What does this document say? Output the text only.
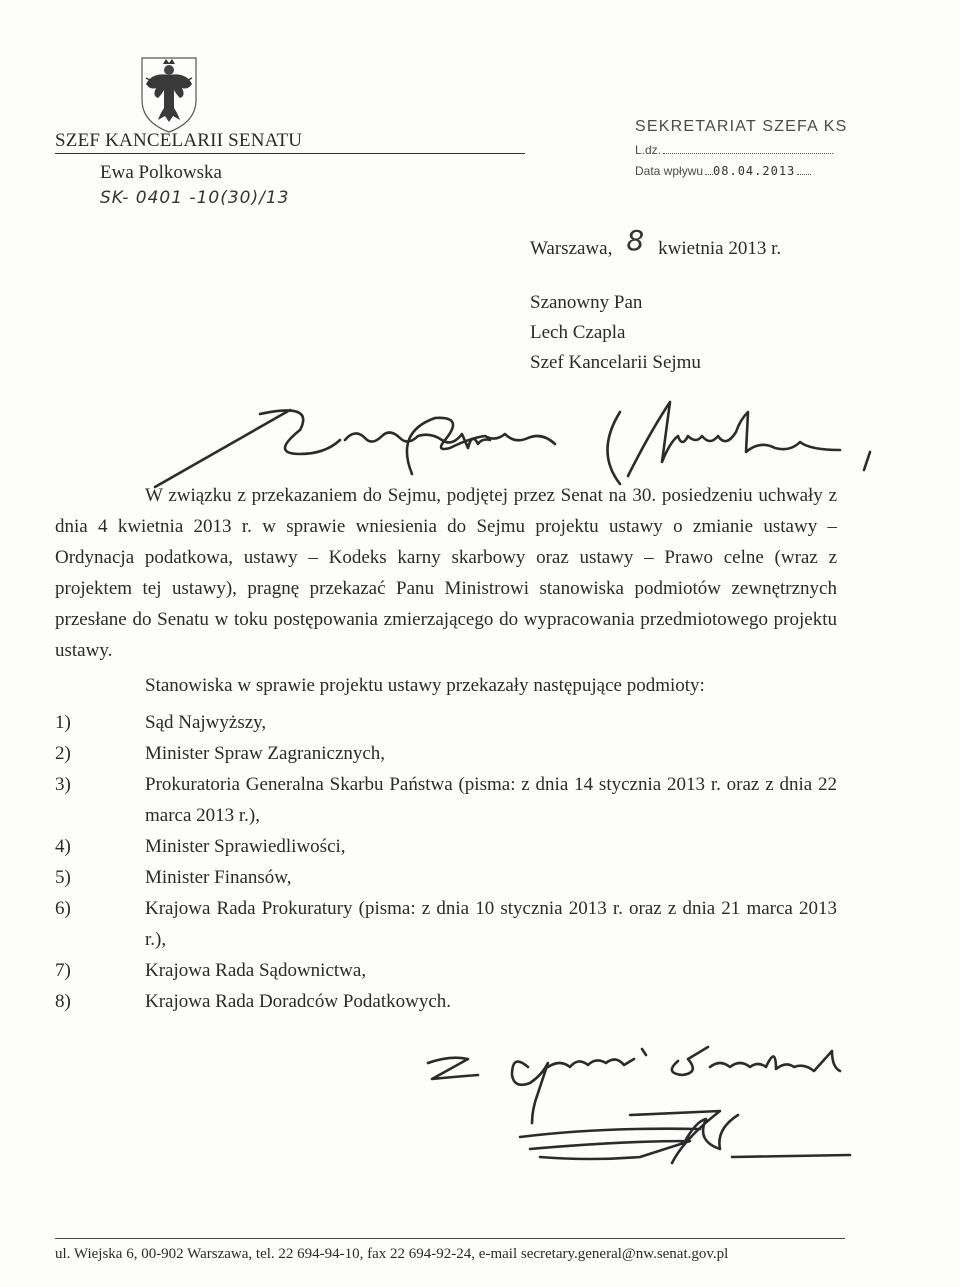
SZEF KANCELARII SENATU
Ewa Polkowska
SK- 0401 -10(30)/13
SEKRETARIAT SZEFA KS
L.dz.
Data wpływu 08.04.2013
Warszawa, 8 kwietnia 2013 r.
Szanowny Pan
Lech Czapla
Szef Kancelarii Sejmu

W związku z przekazaniem do Sejmu, podjętej przez Senat na 30. posiedzeniu uchwały z dnia 4 kwietnia 2013 r. w sprawie wniesienia do Sejmu projektu ustawy o zmianie ustawy – Ordynacja podatkowa, ustawy – Kodeks karny skarbowy oraz ustawy – Prawo celne (wraz z projektem tej ustawy), pragnę przekazać Panu Ministrowi stanowiska podmiotów zewnętrznych przesłane do Senatu w toku postępowania zmierzającego do wypracowania przedmiotowego projektu ustawy.

Stanowiska w sprawie projektu ustawy przekazały następujące podmioty:

1)	Sąd Najwyższy,
2)	Minister Spraw Zagranicznych,
3)	Prokuratoria Generalna Skarbu Państwa (pisma: z dnia 14 stycznia 2013 r. oraz z dnia 22 marca 2013 r.),
4)	Minister Sprawiedliwości,
5)	Minister Finansów,
6)	Krajowa Rada Prokuratury (pisma: z dnia 10 stycznia 2013 r. oraz z dnia 21 marca 2013 r.),
7)	Krajowa Rada Sądownictwa,
8)	Krajowa Rada Doradców Podatkowych.
ul. Wiejska 6, 00-902 Warszawa, tel. 22 694-94-10, fax 22 694-92-24, e-mail secretary.general@nw.senat.gov.pl
